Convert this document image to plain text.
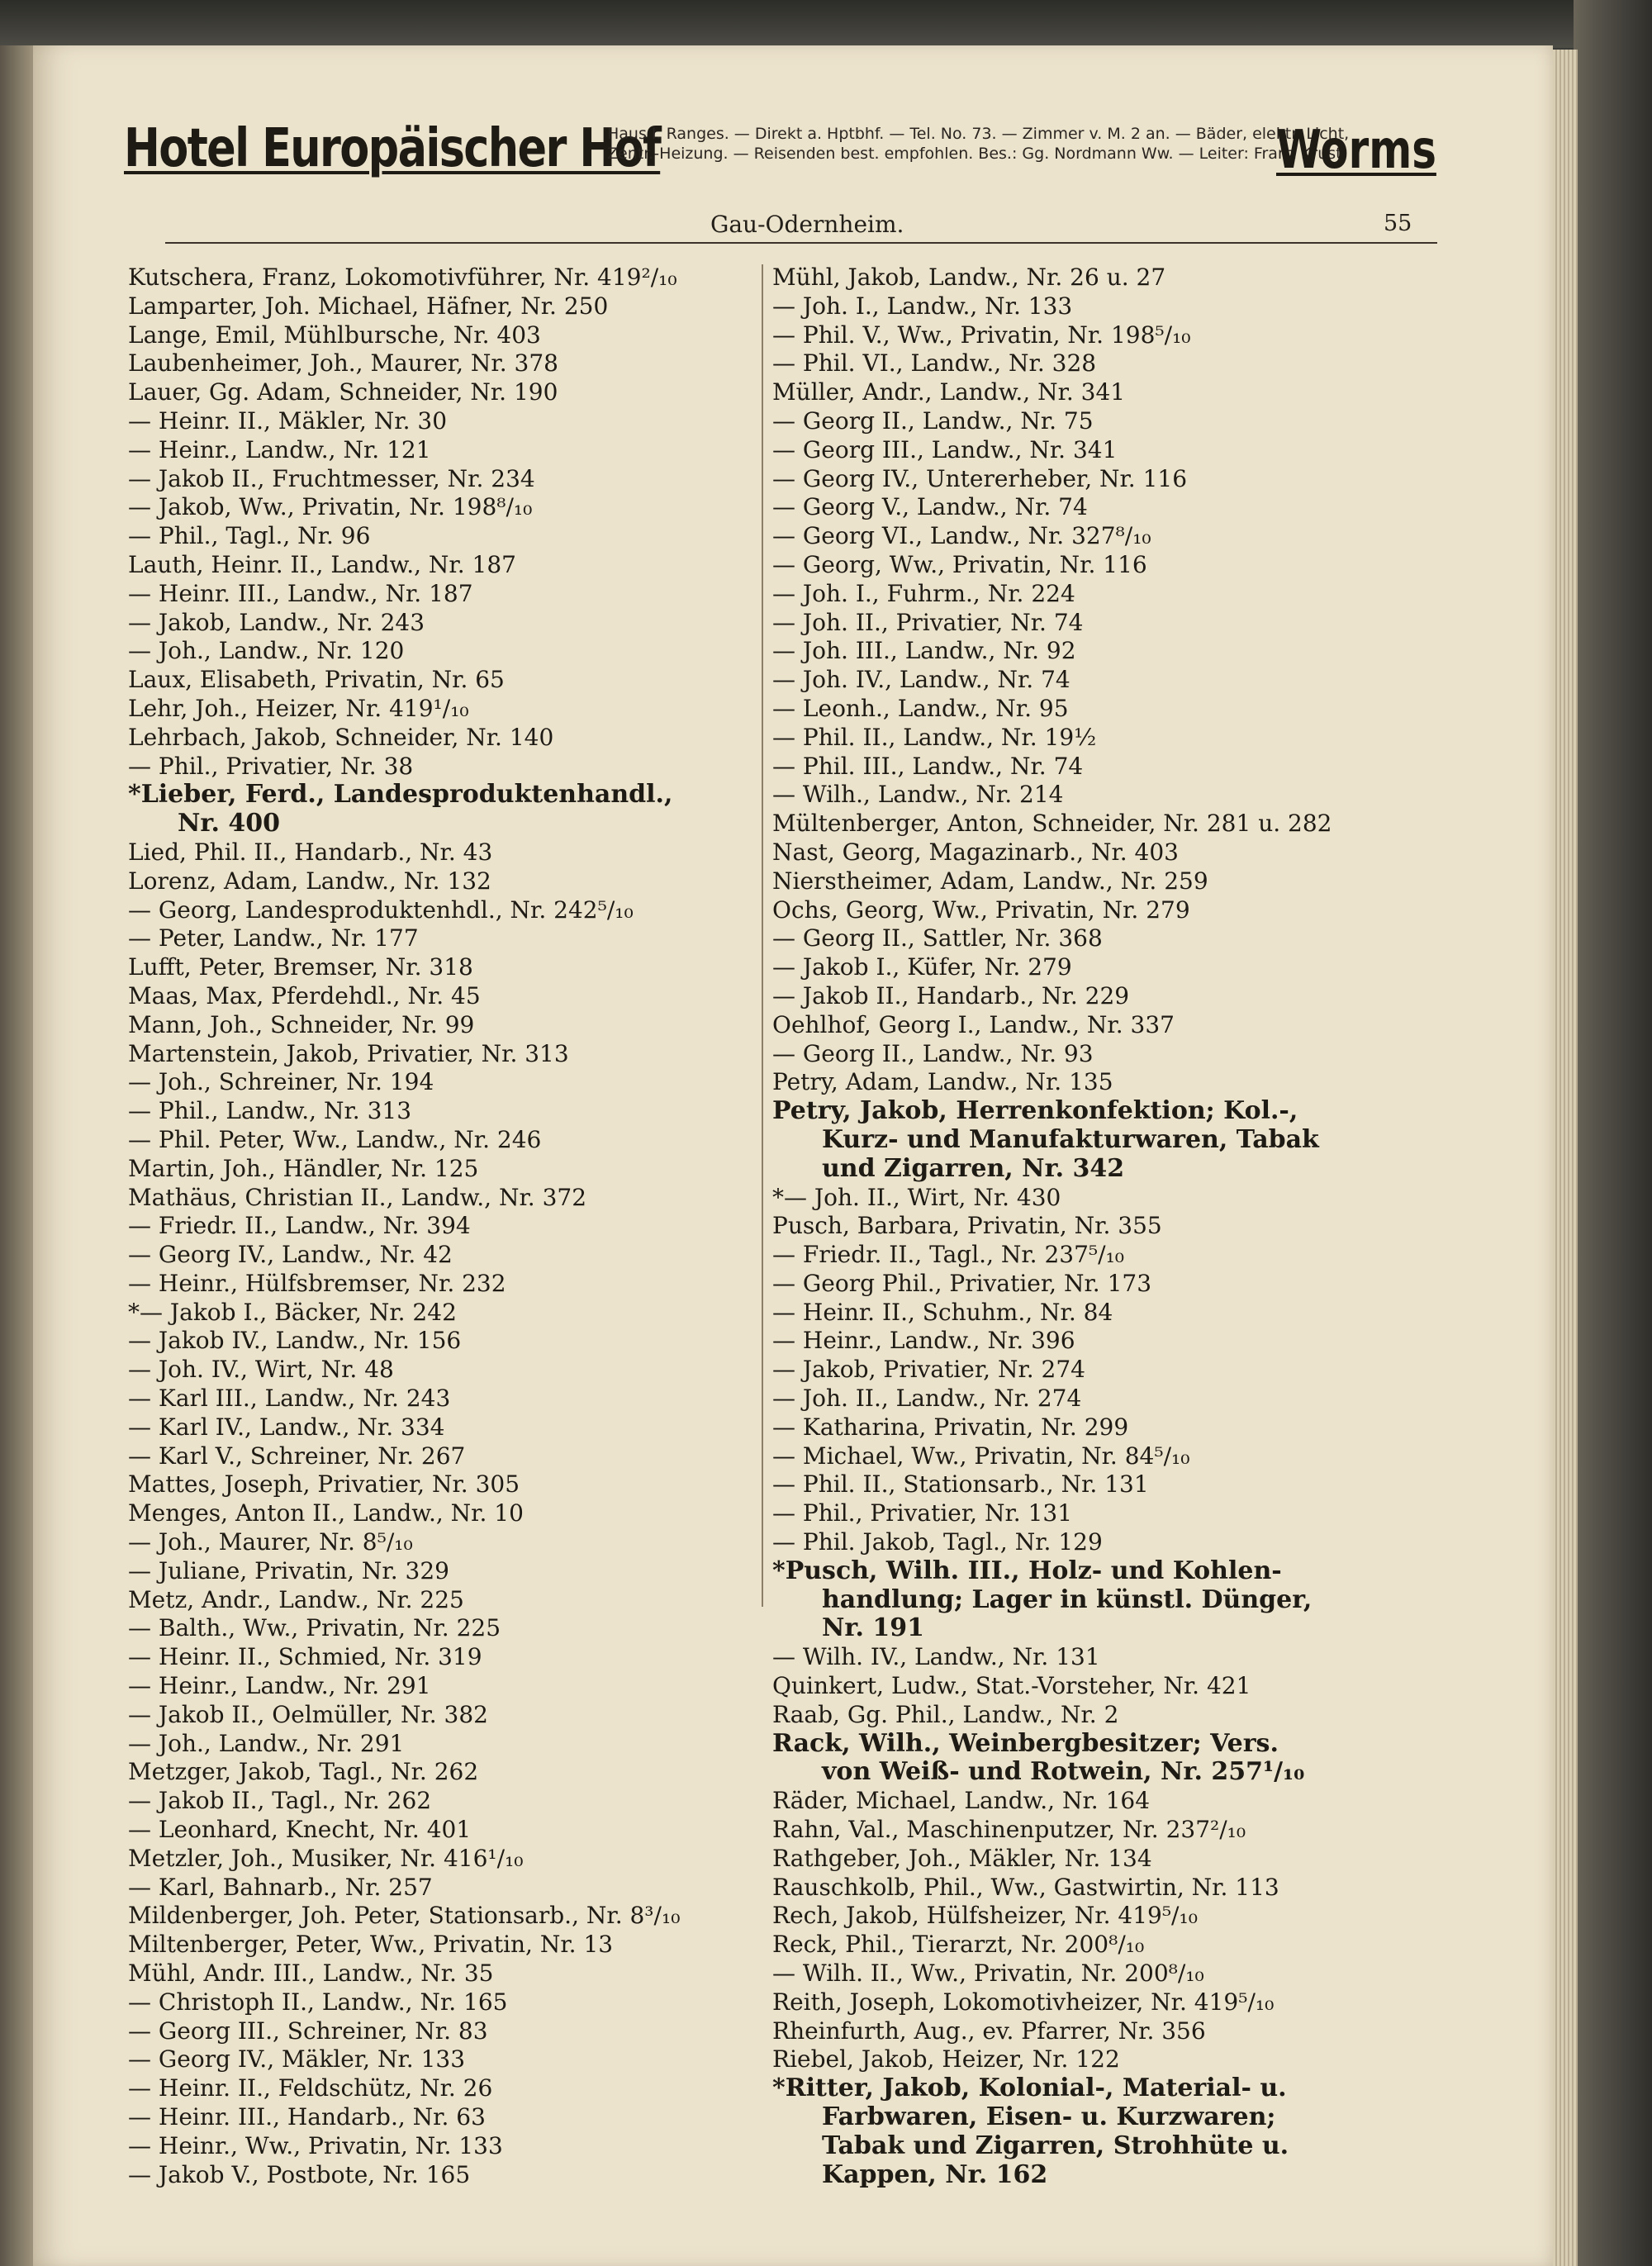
Hotel Europäischer Hof
Haus I. Ranges. — Direkt a. Hptbhf. — Tel. No. 73. — Zimmer v. M. 2 an. — Bäder, elektr. Licht, Zentr.-Heizung. — Reisenden best. empfohlen. Bes.: Gg. Nordmann Ww. — Leiter: Franz Krust.
Worms
Gau-Odernheim.	55
Kutschera, Franz, Lokomotivführer, Nr. 419²/₁₀
Lamparter, Joh. Michael, Häfner, Nr. 250
Lange, Emil, Mühlburschе, Nr. 403
Laubenheimer, Joh., Maurer, Nr. 378
Lauer, Gg. Adam, Schneider, Nr. 190
— Heinr. II., Mäkler, Nr. 30
— Heinr., Landw., Nr. 121
— Jakob II., Fruchtmesser, Nr. 234
— Jakob, Ww., Privatin, Nr. 198⁸/₁₀
— Phil., Tagl., Nr. 96
Lauth, Heinr. II., Landw., Nr. 187
— Heinr. III., Landw., Nr. 187
— Jakob, Landw., Nr. 243
— Joh., Landw., Nr. 120
Laux, Elisabeth, Privatin, Nr. 65
Lehr, Joh., Heizer, Nr. 419¹/₁₀
Lehrbach, Jakob, Schneider, Nr. 140
— Phil., Privatier, Nr. 38
*Lieber, Ferd., Landesproduktenhandl.,
Nr. 400
Lied, Phil. II., Handarb., Nr. 43
Lorenz, Adam, Landw., Nr. 132
— Georg, Landesproduktenhdl., Nr. 242⁵/₁₀
— Peter, Landw., Nr. 177
Lufft, Peter, Bremser, Nr. 318
Maas, Max, Pferdehdl., Nr. 45
Mann, Joh., Schneider, Nr. 99
Martenstein, Jakob, Privatier, Nr. 313
— Joh., Schreiner, Nr. 194
— Phil., Landw., Nr. 313
— Phil. Peter, Ww., Landw., Nr. 246
Martin, Joh., Händler, Nr. 125
Mathäus, Christian II., Landw., Nr. 372
— Friedr. II., Landw., Nr. 394
— Georg IV., Landw., Nr. 42
— Heinr., Hülfsbremser, Nr. 232
*— Jakob I., Bäcker, Nr. 242
— Jakob IV., Landw., Nr. 156
— Joh. IV., Wirt, Nr. 48
— Karl III., Landw., Nr. 243
— Karl IV., Landw., Nr. 334
— Karl V., Schreiner, Nr. 267
Mattes, Joseph, Privatier, Nr. 305
Menges, Anton II., Landw., Nr. 10
— Joh., Maurer, Nr. 8⁵/₁₀
— Juliane, Privatin, Nr. 329
Metz, Andr., Landw., Nr. 225
— Balth., Ww., Privatin, Nr. 225
— Heinr. II., Schmied, Nr. 319
— Heinr., Landw., Nr. 291
— Jakob II., Oelmüller, Nr. 382
— Joh., Landw., Nr. 291
Metzger, Jakob, Tagl., Nr. 262
— Jakob II., Tagl., Nr. 262
— Leonhard, Knecht, Nr. 401
Metzler, Joh., Musiker, Nr. 416¹/₁₀
— Karl, Bahnarb., Nr. 257
Mildenberger, Joh. Peter, Stationsarb., Nr. 8³/₁₀
Miltenberger, Peter, Ww., Privatin, Nr. 13
Mühl, Andr. III., Landw., Nr. 35
— Christoph II., Landw., Nr. 165
— Georg III., Schreiner, Nr. 83
— Georg IV., Mäkler, Nr. 133
— Heinr. II., Feldschütz, Nr. 26
— Heinr. III., Handarb., Nr. 63
— Heinr., Ww., Privatin, Nr. 133
— Jakob V., Postbote, Nr. 165
Mühl, Jakob, Landw., Nr. 26 u. 27
— Joh. I., Landw., Nr. 133
— Phil. V., Ww., Privatin, Nr. 198⁵/₁₀
— Phil. VI., Landw., Nr. 328
Müller, Andr., Landw., Nr. 341
— Georg II., Landw., Nr. 75
— Georg III., Landw., Nr. 341
— Georg IV., Untererheber, Nr. 116
— Georg V., Landw., Nr. 74
— Georg VI., Landw., Nr. 327⁸/₁₀
— Georg, Ww., Privatin, Nr. 116
— Joh. I., Fuhrm., Nr. 224
— Joh. II., Privatier, Nr. 74
— Joh. III., Landw., Nr. 92
— Joh. IV., Landw., Nr. 74
— Leonh., Landw., Nr. 95
— Phil. II., Landw., Nr. 19½
— Phil. III., Landw., Nr. 74
— Wilh., Landw., Nr. 214
Mültenberger, Anton, Schneider, Nr. 281 u. 282
Nast, Georg, Magazinarb., Nr. 403
Nierstheimer, Adam, Landw., Nr. 259
Ochs, Georg, Ww., Privatin, Nr. 279
— Georg II., Sattler, Nr. 368
— Jakob I., Küfer, Nr. 279
— Jakob II., Handarb., Nr. 229
Oehlhof, Georg I., Landw., Nr. 337
— Georg II., Landw., Nr. 93
Petry, Adam, Landw., Nr. 135
Petry, Jakob, Herrenkonfektion; Kol.-,
Kurz- und Manufakturwaren, Tabak
und Zigarren, Nr. 342
*— Joh. II., Wirt, Nr. 430
Pusch, Barbara, Privatin, Nr. 355
— Friedr. II., Tagl., Nr. 237⁵/₁₀
— Georg Phil., Privatier, Nr. 173
— Heinr. II., Schuhm., Nr. 84
— Heinr., Landw., Nr. 396
— Jakob, Privatier, Nr. 274
— Joh. II., Landw., Nr. 274
— Katharina, Privatin, Nr. 299
— Michael, Ww., Privatin, Nr. 84⁵/₁₀
— Phil. II., Stationsarb., Nr. 131
— Phil., Privatier, Nr. 131
— Phil. Jakob, Tagl., Nr. 129
*Pusch, Wilh. III., Holz- und Kohlen-
handlung; Lager in künstl. Dünger,
Nr. 191
— Wilh. IV., Landw., Nr. 131
Quinkert, Ludw., Stat.-Vorsteher, Nr. 421
Raab, Gg. Phil., Landw., Nr. 2
Rack, Wilh., Weinbergbesitzer; Vers.
von Weiß- und Rotwein, Nr. 257¹/₁₀
Räder, Michael, Landw., Nr. 164
Rahn, Val., Maschinenputzer, Nr. 237²/₁₀
Rathgeber, Joh., Mäkler, Nr. 134
Rauschkolb, Phil., Ww., Gastwirtin, Nr. 113
Rech, Jakob, Hülfsheizer, Nr. 419⁵/₁₀
Reck, Phil., Tierarzt, Nr. 200⁸/₁₀
— Wilh. II., Ww., Privatin, Nr. 200⁸/₁₀
Reith, Joseph, Lokomotivheizer, Nr. 419⁵/₁₀
Rheinfurth, Aug., ev. Pfarrer, Nr. 356
Riebel, Jakob, Heizer, Nr. 122
*Ritter, Jakob, Kolonial-, Material- u.
Farbwaren, Eisen- u. Kurzwaren;
Tabak und Zigarren, Strohhüte u.
Kappen, Nr. 162
